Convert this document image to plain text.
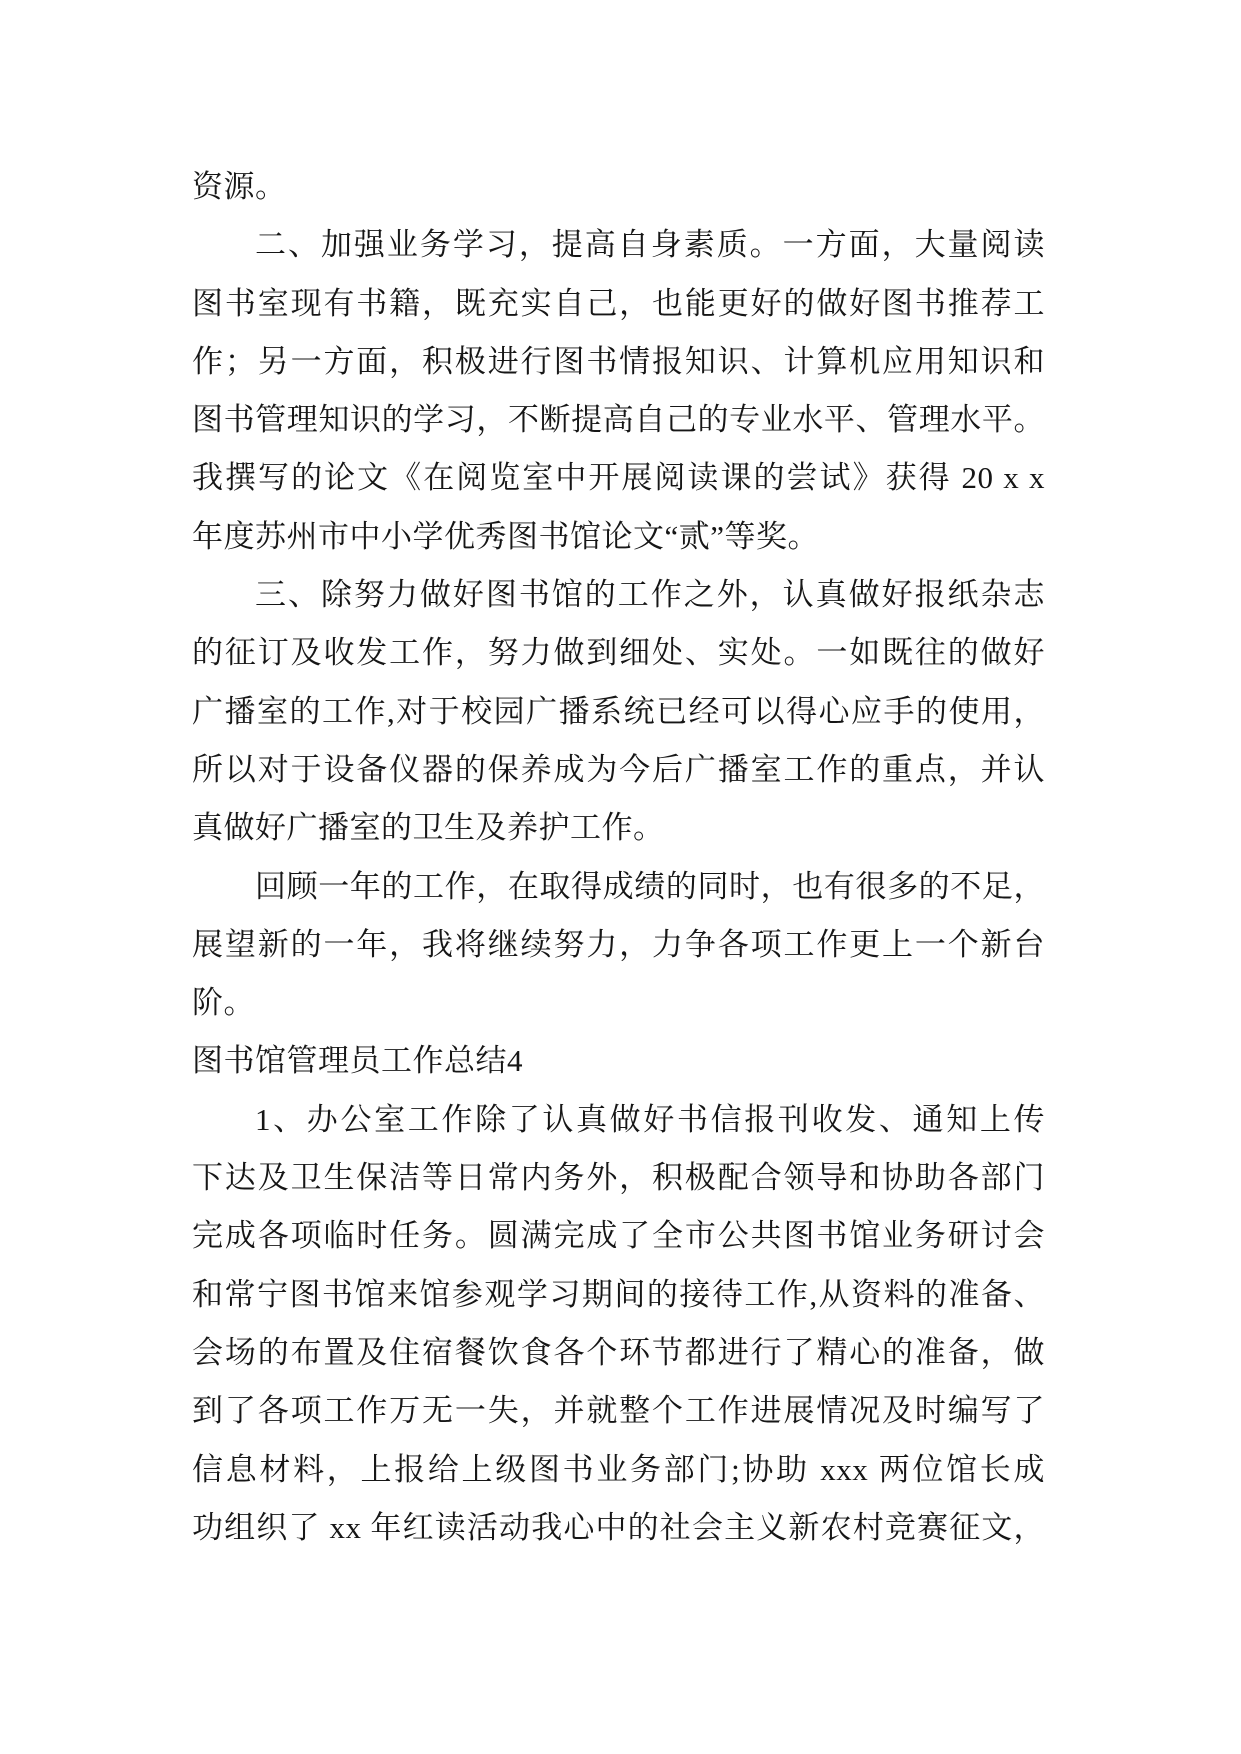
资源。
二、加强业务学习，提高自身素质。一方面，大量阅读
图书室现有书籍，既充实自己，也能更好的做好图书推荐工
作；另一方面，积极进行图书情报知识、计算机应用知识和
图书管理知识的学习，不断提高自己的专业水平、管理水平。
我撰写的论文《在阅览室中开展阅读课的尝试》获得 20 x x
年度苏州市中小学优秀图书馆论文“贰”等奖。
三、除努力做好图书馆的工作之外，认真做好报纸杂志
的征订及收发工作，努力做到细处、实处。一如既往的做好
广播室的工作,对于校园广播系统已经可以得心应手的使用，
所以对于设备仪器的保养成为今后广播室工作的重点，并认
真做好广播室的卫生及养护工作。
回顾一年的工作，在取得成绩的同时，也有很多的不足，
展望新的一年，我将继续努力，力争各项工作更上一个新台
阶。
图书馆管理员工作总结4
1、办公室工作除了认真做好书信报刊收发、通知上传
下达及卫生保洁等日常内务外，积极配合领导和协助各部门
完成各项临时任务。圆满完成了全市公共图书馆业务研讨会
和常宁图书馆来馆参观学习期间的接待工作,从资料的准备、
会场的布置及住宿餐饮食各个环节都进行了精心的准备，做
到了各项工作万无一失，并就整个工作进展情况及时编写了
信息材料，上报给上级图书业务部门;协助 xxx 两位馆长成
功组织了 xx 年红读活动我心中的社会主义新农村竞赛征文，
